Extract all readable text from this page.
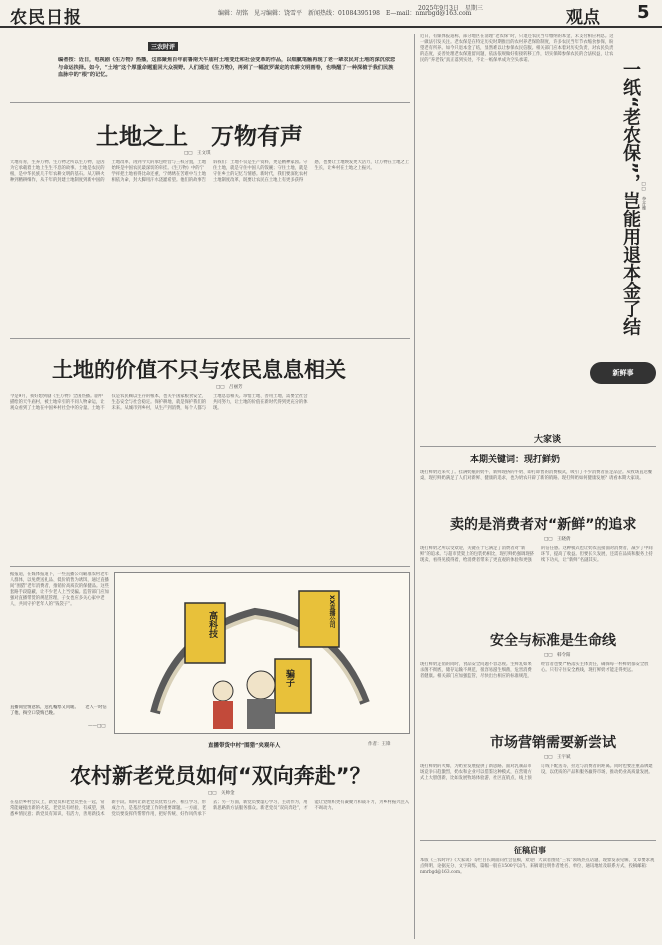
农民日报	编辑：胡铭　见习编辑：饶雪平　新闻热线：01084395198　E—mail：nmrbgd@163.com
2025年9月3日　星期三	观点 5
三农时评
编者按：近日，电视剧《生万物》热播，这部聚焦百年前鲁南天牛庙村土地变迁和社会变革的作品，以细腻笔触再现了老一辈农民对土地的深沉依恋与命运抉择。如今，“土地”这个厚重命题重回大众视野。人们通过《生万物》，再到了一幅波罗谋定的农耕文明画卷，也唤醒了一种深植于我们民族血脉中的“根”的记忆。
土地之上　万物有声
□□　王文琪
天地有育，生养万物。生万物之所以生万物，是因为它承载着土地上生生不息的故事。土地是农民的根，是中华民族几千年农耕文明的基石。从刀耕火种到精耕细作，从千年的封建土地制度到新中国的土地改革，再到今天的承包经营与三权分置，土地始终是中国农民最深切的牵挂。《生万物》中的宁学祥把土地看得比命还重，宁绣绣在苦难中与土地相依为命，封大脚用汗水浇灌希望。他们的故事告诉我们：土地不仅是生产资料，更是精神家园。守住土地，就是守住中国人的饭碗；守住土地，就是守住乡土的记忆与情感。新时代，我们要深化农村土地制度改革，既要让农民在土地上有更多获得感，也要让土地焕发更大活力，让万物在土地之上生长，让乡村在土地之上振兴。
土地的价值不只与农民息息相关
□□　吕丽芳
今是9月，我好想到剧《生万物》全国热播。剧中描绘的天牛庙村，被土地牵引的不同人物命运，让观众看到了土地在中国乡村社会中的分量。土地不仅是农民赖以生存的根本，也关乎国家粮食安全、生态安全与社会稳定。保护耕地，就是保护我们的未来。从城市到乡村，从生产到消费，每个人都与土地息息相关。珍惜土地、善用土地，需要全社会共同努力，让土地的价值在新时代得到更充分的体现。
据报道，在媒体报道下，一些直播公司瞄准农村老年人群体，以免费送礼品、低价销售为诱饵，通过直播间“围猎”老年消费者，推销价高质次的保健品。这些套路手段隐蔽，让不少老人上当受骗。监管部门应加强对直播带货的规范管理，子女也应多关心家中老人，共同守护老年人的“钱袋子”。
直播间里情意浓，送礼嘘寒又问暖。　　老人一时信了他，掏空口袋悔已晚。
——□□
高科技	XX直播公司
骗子
直播带货中村“围猎”夹观年人	作者：王锋
农村新老党员如何“双向奔赴”？
□□　关帅金
在基层乡村会议上，新党员和老党员坐在一起，常常能碰撞出新的火花。老党员有经验、有威望，熟悉乡情民意；新党员有知识、有活力，善用新技术新手段。如何让新老党员优势互补、相互学习，形成合力，是基层党建工作的重要课题。一方面，老党员要发挥传帮带作用，把好传统、好作风传承下去；另一方面，新党员要虚心学习，主动作为，用新思路新方法服务群众。新老党员“双向奔赴”，才能让党组织更有凝聚力和战斗力，为乡村振兴注入不竭动力。
近日，有媒体报道称，部分地区在清理“老农保”时，只退还农民当年缴纳的本金，未支付相应利息。这一做法引发关注。老农保是在特定历史时期推出的农村养老保险制度，许多农民当年节衣缩食参保，盼望老有所养。如今只退本金了结，显然难以让参保农民信服。相关部门应本着对历史负责、对农民负责的态度，妥善处理老农保遗留问题，依法依规做好衔接转移工作，切实保障参保农民的合法权益，让农民的“养老钱”真正落到实处，不让一纸保单成为空头承诺。	一纸“老农保”，岂能用退本金了结 □□　李卉雅
新鲜事
大家谈
本期关键词：现打鲜奶
现打鲜奶近来火了。挂满奶瓶的奶牛、新鲜现挤的牛奶、即打即售的消费模式，吸引了不少消费者驻足品尝。从牧场直达餐桌，现打鲜奶满足了人们对新鲜、健康的追求，也为奶农开辟了新的销路。现打鲜奶如何健康发展？请看本期大家谈。
卖的是消费者对“新鲜”的追求
□□　王晓倩
现打鲜奶之所以受欢迎，关键在于它满足了消费者对“新鲜”的追求。与超市货架上的包装奶相比，现打鲜奶强调现挤现卖、看得见摸得着，给消费者带来了更直观的体验和更强的信任感。这种模式也让奶农直接面对消费者，减少了中间环节，提高了收益。但要长久发展，还需在品质和服务上持续下功夫，让“新鲜”名副其实。
安全与标准是生命线
□□　韩令阳
现打鲜奶走俏的同时，食品安全问题不容忽视。生鲜乳如果杀菌不彻底，储存运输不规范，很容易滋生细菌，危害消费者健康。相关部门应加强监管，尽快出台相应的标准规范，经营者也要严格落实主体责任，确保每一杯鲜奶都安全放心。只有守住安全底线，现打鲜奶才能走得更远。
市场营销需要新尝试
□□　王宇斌
现打鲜奶的火爆，为奶业发展提供了新思路。面对乳制品市场竞争日趋激烈，奶农和企业可以借鉴这种模式，在营销方式上大胆创新，比如发展牧场体验游、社区直销点、线上预订线下配送等，拉近与消费者的距离。同时也要注重品牌建设，以优质的产品和服务赢得市场，推动奶业高质量发展。
征稿启事
本版《三农时评》《大家谈》等栏目长期面向社会征稿，欢迎广大读者围绕“三农”领域热点话题、现象发表见解，文章要求观点鲜明、论据充分、文字简练，篇幅一般在1500字以内。来稿请注明作者姓名、单位、通讯地址及联系方式，投稿邮箱：nmrbgd@163.com。
